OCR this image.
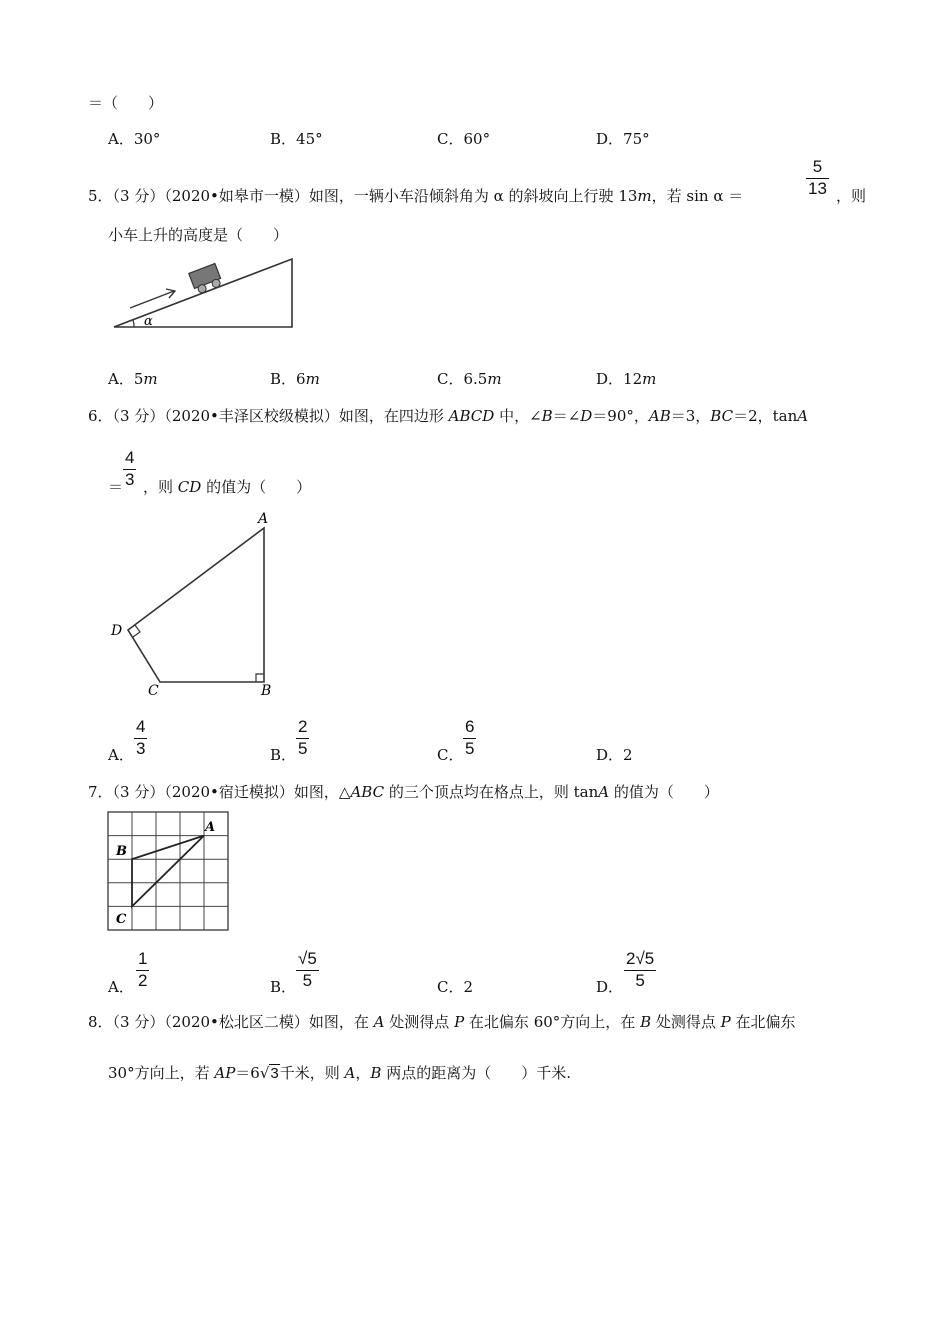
＝（　　）
A．30°	B．45°	C．60°	D．75°
5．（3 分）（2020•如皋市一模）如图，一辆小车沿倾斜角为 α 的斜坡向上行驶 13m，若 sin α ＝
5
13 ，则
小车上升的高度是（　　）
α
A．5m	B．6m	C．6.5m	D．12m
6．（3 分）（2020•丰泽区校级模拟）如图，在四边形 ABCD 中，∠B＝∠D＝90°，AB＝3，BC＝2，tanA
＝
4
3 ，则 CD 的值为（　　）
A
B
C
D
A．
4
3	B．
2
5	C．
6
5	D．2
7．（3 分）（2020•宿迁模拟）如图，△ABC 的三个顶点均在格点上，则 tanA 的值为（　　）
A
B
C
A．
1
2	B．
√5
5	C．2	D．
2√5
5
8．（3 分）（2020•松北区二模）如图，在 A 处测得点 P 在北偏东 60°方向上，在 B 处测得点 P 在北偏东
30°方向上，若 AP＝6√3千米，则 A，B 两点的距离为（　　）千米.
